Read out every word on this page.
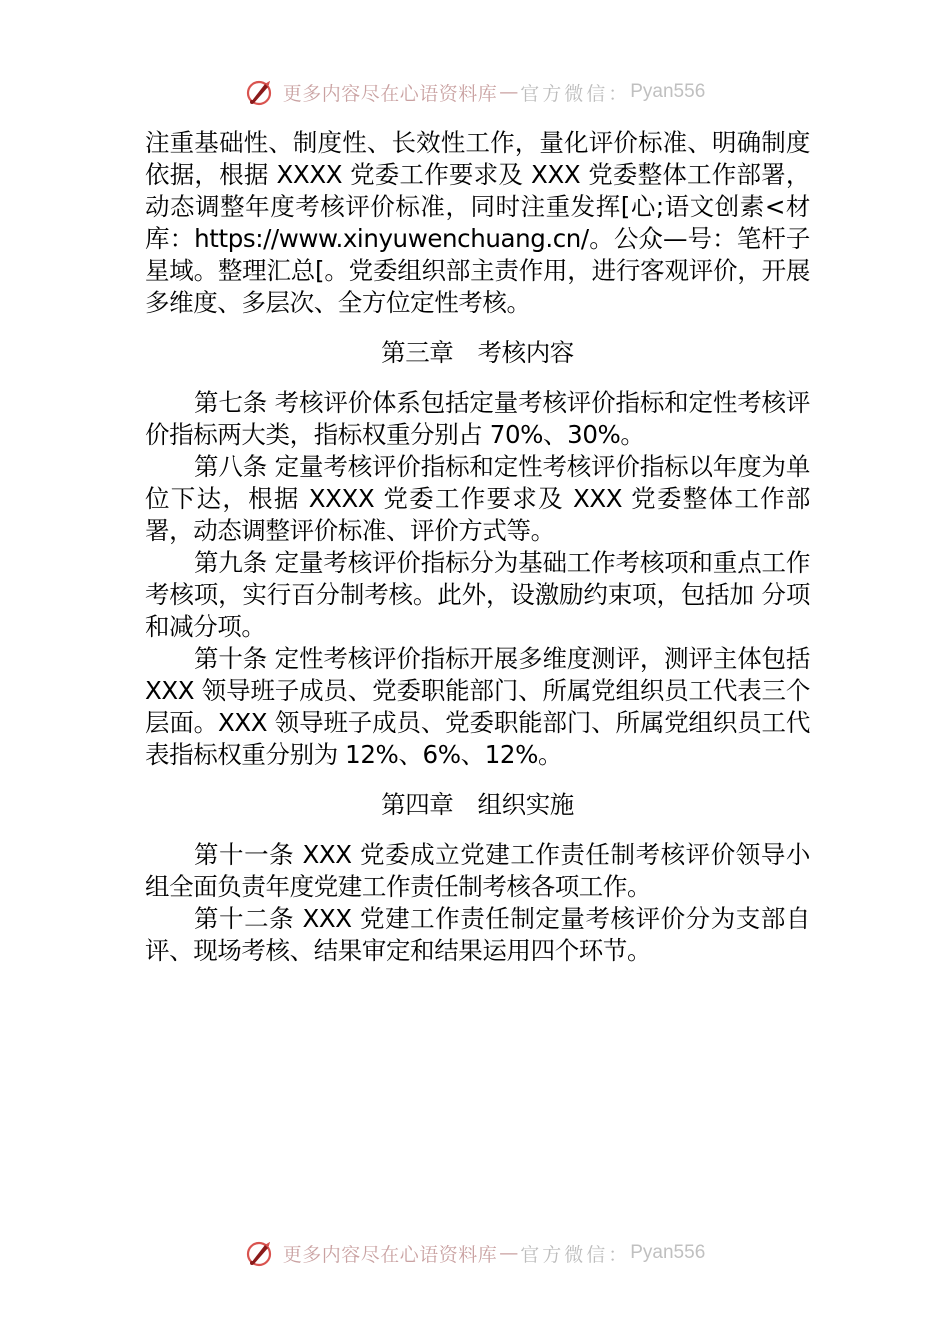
更多内容尽在心语资料库 — 官方微信： Pyan556

注重基础性、制度性、长效性工作，量化评价标准、明确制度依据，根据 XXXX 党委工作要求及 XXX 党委整体工作部署， 动态调整年度考核评价标准，同时注重发挥[心;语文创素<材库：https://www.xinyuwenchuang.cn/。公众—号：笔杆子星域。整理汇总[。党委组织部主责作用，进行客观评价，开展多维度、多层次、全方位定性考核。

第三章　考核内容

第七条 考核评价体系包括定量考核评价指标和定性考核评价指标两大类，指标权重分别占 70%、30%。

第八条 定量考核评价指标和定性考核评价指标以年度为单位下达，根据 XXXX 党委工作要求及 XXX 党委整体工作部署，动态调整评价标准、评价方式等。

第九条 定量考核评价指标分为基础工作考核项和重点工作考核项，实行百分制考核。此外，设激励约束项，包括加 分项和减分项。

第十条 定性考核评价指标开展多维度测评，测评主体包括 XXX 领导班子成员、党委职能部门、所属党组织员工代表三个层面。XXX 领导班子成员、党委职能部门、所属党组织员工代表指标权重分别为 12%、6%、12%。

第四章　组织实施

第十一条 XXX 党委成立党建工作责任制考核评价领导小组全面负责年度党建工作责任制考核各项工作。

第十二条 XXX 党建工作责任制定量考核评价分为支部自评、现场考核、结果审定和结果运用四个环节。

更多内容尽在心语资料库 — 官方微信： Pyan556
